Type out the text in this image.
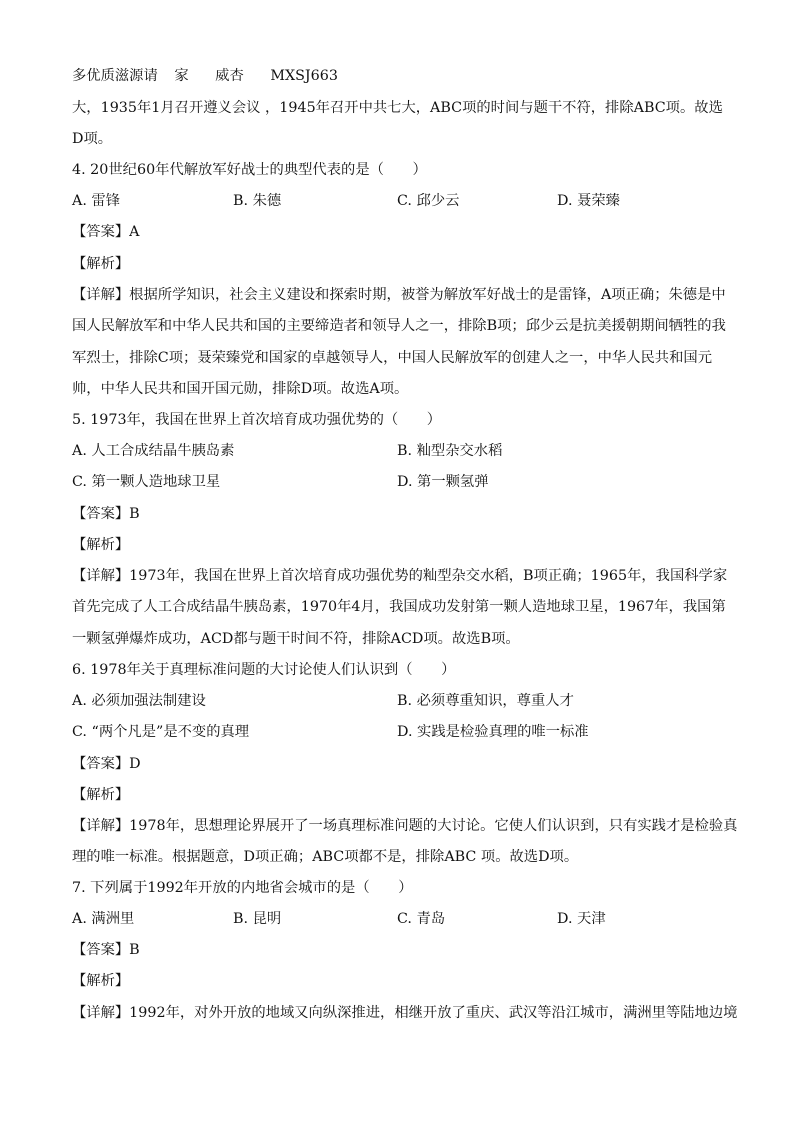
多优质滋源请 家 威杏 MXSJ663
大，1935年1月召开遵义会议 ，1945年召开中共七大，ABC项的时间与题干不符，排除ABC项。故选
D项。
4. 20世纪60年代解放军好战士的典型代表的是（　　）
A. 雷锋	B. 朱德	C. 邱少云	D. 聂荣臻
【答案】A
【解析】
【详解】根据所学知识，社会主义建设和探索时期，被誉为解放军好战士的是雷锋，A项正确；朱德是中
国人民解放军和中华人民共和国的主要缔造者和领导人之一，排除B项；邱少云是抗美援朝期间牺牲的我
军烈士，排除C项；聂荣臻党和国家的卓越领导人，中国人民解放军的创建人之一，中华人民共和国元
帅，中华人民共和国开国元勋，排除D项。故选A项。
5. 1973年，我国在世界上首次培育成功强优势的（　　）
A. 人工合成结晶牛胰岛素	B. 籼型杂交水稻
C. 第一颗人造地球卫星	D. 第一颗氢弹
【答案】B
【解析】
【详解】1973年，我国在世界上首次培育成功强优势的籼型杂交水稻，B项正确；1965年，我国科学家
首先完成了人工合成结晶牛胰岛素，1970年4月，我国成功发射第一颗人造地球卫星，1967年，我国第
一颗氢弹爆炸成功，ACD都与题干时间不符，排除ACD项。故选B项。
6. 1978年关于真理标准问题的大讨论使人们认识到（　　）
A. 必须加强法制建设	B. 必须尊重知识，尊重人才
C. “两个凡是”是不变的真理	D. 实践是检验真理的唯一标准
【答案】D
【解析】
【详解】1978年，思想理论界展开了一场真理标准问题的大讨论。它使人们认识到，只有实践才是检验真
理的唯一标准。根据题意，D项正确；ABC项都不是，排除ABC 项。故选D项。
7. 下列属于1992年开放的内地省会城市的是（　　）
A. 满洲里	B. 昆明	C. 青岛	D. 天津
【答案】B
【解析】
【详解】1992年，对外开放的地域又向纵深推进，相继开放了重庆、武汉等沿江城市，满洲里等陆地边境
